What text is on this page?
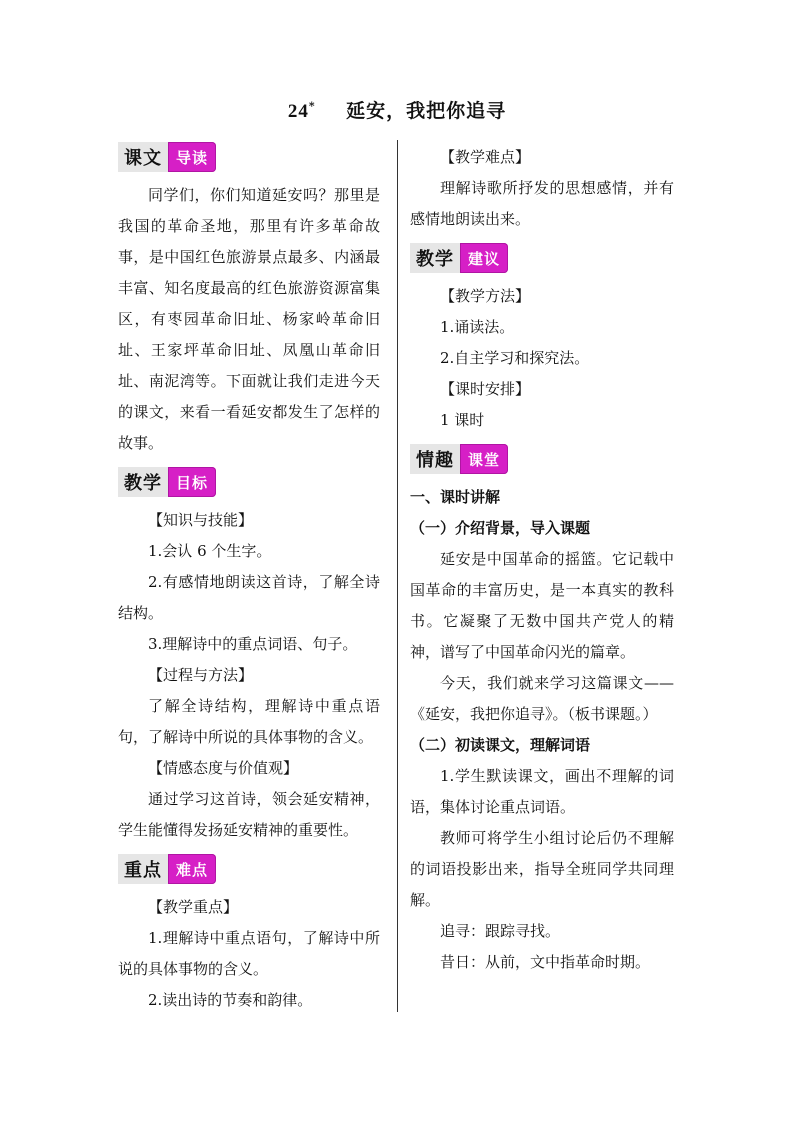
24* 延安，我把你追寻
课文 导读

同学们，你们知道延安吗？那里是我国的革命圣地，那里有许多革命故事，是中国红色旅游景点最多、内涵最丰富、知名度最高的红色旅游资源富集区，有枣园革命旧址、杨家岭革命旧址、王家坪革命旧址、凤凰山革命旧址、南泥湾等。下面就让我们走进今天的课文，来看一看延安都发生了怎样的故事。

教学 目标

【知识与技能】

1.会认 6 个生字。

2.有感情地朗读这首诗，了解全诗结构。

3.理解诗中的重点词语、句子。

【过程与方法】

了解全诗结构，理解诗中重点语句，了解诗中所说的具体事物的含义。

【情感态度与价值观】

通过学习这首诗，领会延安精神，学生能懂得发扬延安精神的重要性。

重点 难点

【教学重点】

1.理解诗中重点语句，了解诗中所说的具体事物的含义。

2.读出诗的节奏和韵律。

【教学难点】

理解诗歌所抒发的思想感情，并有感情地朗读出来。

教学 建议

【教学方法】

1.诵读法。

2.自主学习和探究法。

【课时安排】

1 课时

情趣 课堂

一、课时讲解

（一）介绍背景，导入课题

延安是中国革命的摇篮。它记载中国革命的丰富历史，是一本真实的教科书。它凝聚了无数中国共产党人的精神，谱写了中国革命闪光的篇章。

今天，我们就来学习这篇课文——《延安，我把你追寻》。（板书课题。）

（二）初读课文，理解词语

1.学生默读课文，画出不理解的词语，集体讨论重点词语。

教师可将学生小组讨论后仍不理解的词语投影出来，指导全班同学共同理解。

追寻：跟踪寻找。

昔日：从前，文中指革命时期。
